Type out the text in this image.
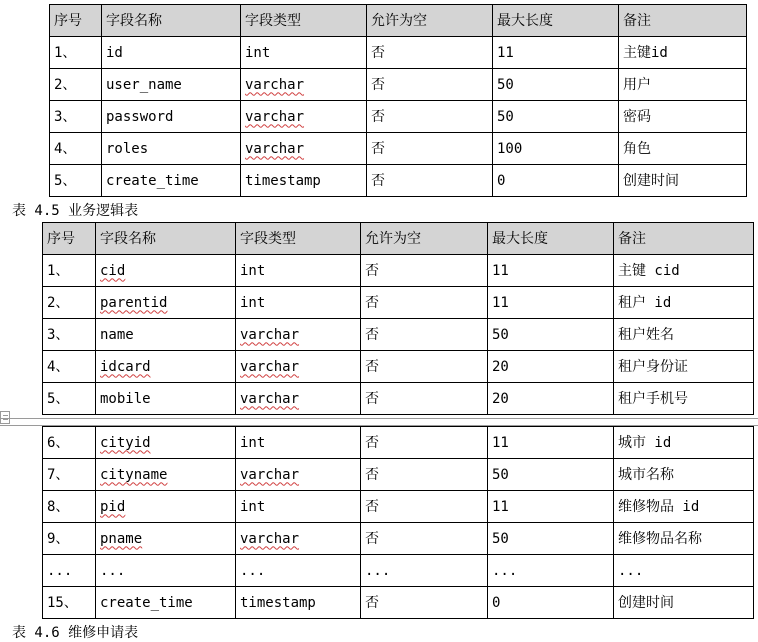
序号	字段名称	字段类型	允许为空	最大长度	备注
1、	id	int	否	11	主键id
2、	user_name	varchar	否	50	用户
3、	password	varchar	否	50	密码
4、	roles	varchar	否	100	角色
5、	create_time	timestamp	否	0	创建时间
表 4.5 业务逻辑表
序号	字段名称	字段类型	允许为空	最大长度	备注
1、	cid	int	否	11	主键 cid
2、	parentid	int	否	11	租户 id
3、	name	varchar	否	50	租户姓名
4、	idcard	varchar	否	20	租户身份证
5、	mobile	varchar	否	20	租户手机号
6、	cityid	int	否	11	城市 id
7、	cityname	varchar	否	50	城市名称
8、	pid	int	否	11	维修物品 id
9、	pname	varchar	否	50	维修物品名称
...	...	...	...	...	...
15、	create_time	timestamp	否	0	创建时间
表 4.6 维修申请表
